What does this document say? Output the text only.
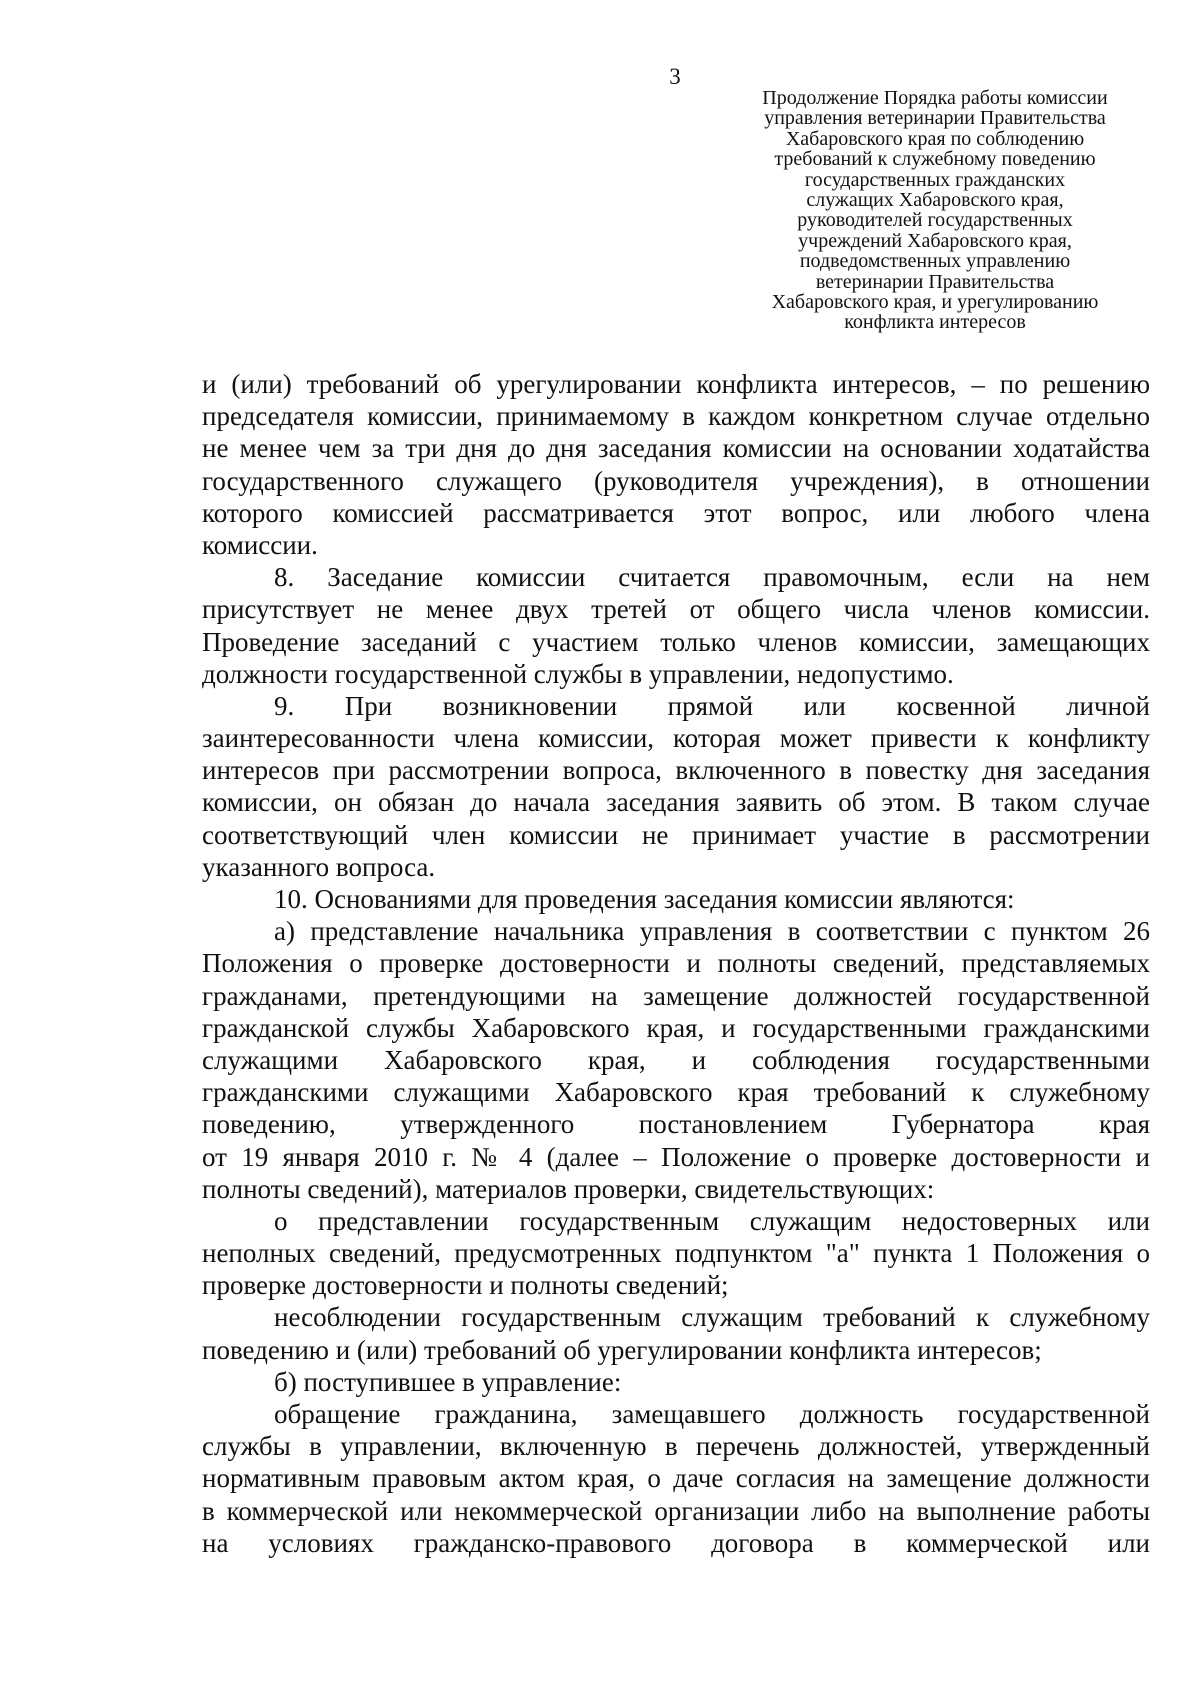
3
Продолжение Порядка работы комиссии
управления ветеринарии Правительства
Хабаровского края по соблюдению
требований к служебному поведению
государственных гражданских
служащих Хабаровского края,
руководителей государственных
учреждений Хабаровского края,
подведомственных управлению
ветеринарии Правительства
Хабаровского края, и урегулированию
конфликта интересов
и (или) требований об урегулировании конфликта интересов, – по решению
председателя комиссии, принимаемому в каждом конкретном случае отдельно
не менее чем за три дня до дня заседания комиссии на основании ходатайства
государственного служащего (руководителя учреждения), в отношении
которого комиссией рассматривается этот вопрос, или любого члена
комиссии.
8. Заседание комиссии считается правомочным, если на нем
присутствует не менее двух третей от общего числа членов комиссии.
Проведение заседаний с участием только членов комиссии, замещающих
должности государственной службы в управлении, недопустимо.
9. При возникновении прямой или косвенной личной
заинтересованности члена комиссии, которая может привести к конфликту
интересов при рассмотрении вопроса, включенного в повестку дня заседания
комиссии, он обязан до начала заседания заявить об этом. В таком случае
соответствующий член комиссии не принимает участие в рассмотрении
указанного вопроса.
10. Основаниями для проведения заседания комиссии являются:
а) представление начальника управления в соответствии с пунктом 26
Положения о проверке достоверности и полноты сведений, представляемых
гражданами, претендующими на замещение должностей государственной
гражданской службы Хабаровского края, и государственными гражданскими
служащими Хабаровского края, и соблюдения государственными
гражданскими служащими Хабаровского края требований к служебному
поведению, утвержденного постановлением Губернатора края
от 19 января 2010 г. № 4 (далее – Положение о проверке достоверности и
полноты сведений), материалов проверки, свидетельствующих:
о представлении государственным служащим недостоверных или
неполных сведений, предусмотренных подпунктом "а" пункта 1 Положения о
проверке достоверности и полноты сведений;
несоблюдении государственным служащим требований к служебному
поведению и (или) требований об урегулировании конфликта интересов;
б) поступившее в управление:
обращение гражданина, замещавшего должность государственной
службы в управлении, включенную в перечень должностей, утвержденный
нормативным правовым актом края, о даче согласия на замещение должности
в коммерческой или некоммерческой организации либо на выполнение работы
на условиях гражданско-правового договора в коммерческой или
